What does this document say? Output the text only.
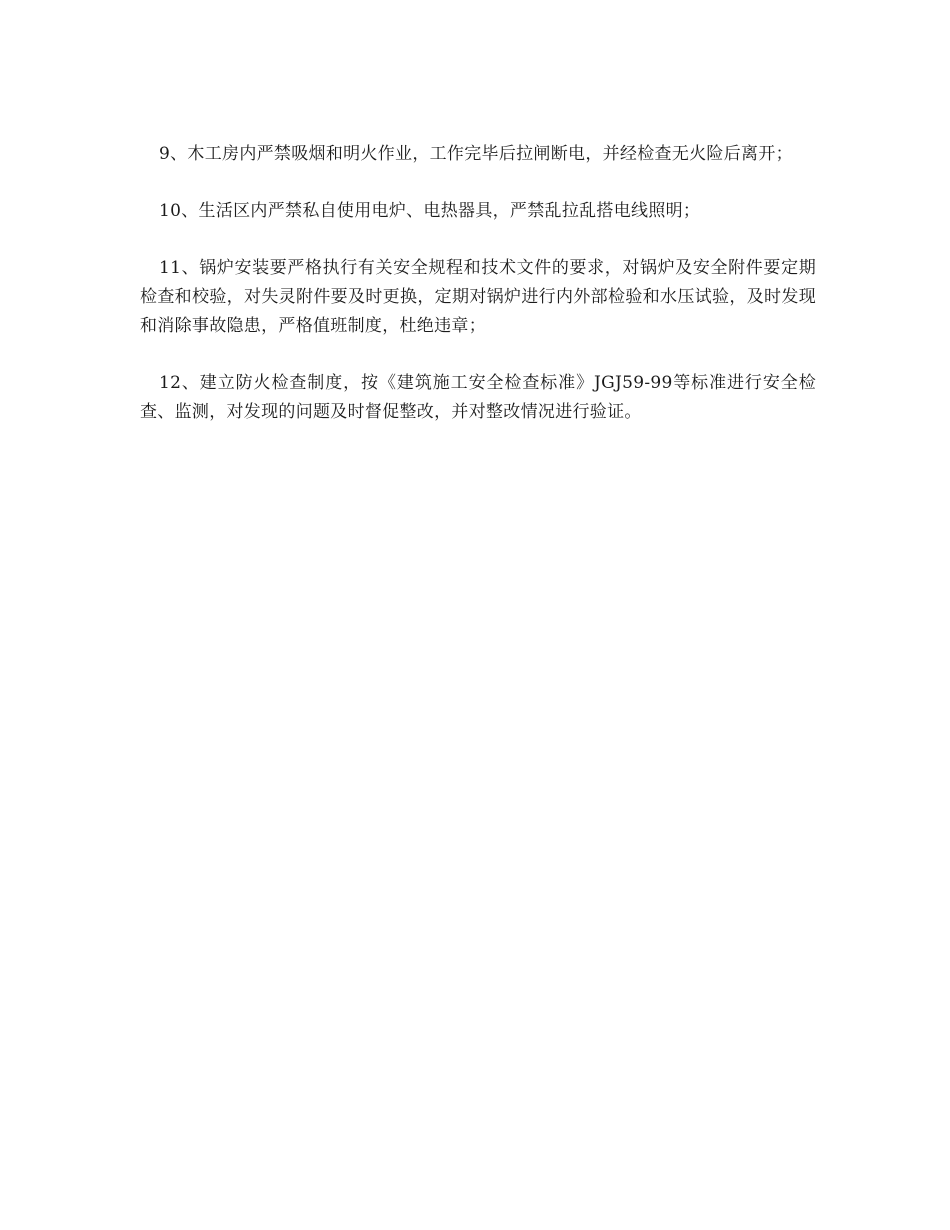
9、木工房内严禁吸烟和明火作业，工作完毕后拉闸断电，并经检查无火险后离开；

10、生活区内严禁私自使用电炉、电热器具，严禁乱拉乱搭电线照明；

11、锅炉安装要严格执行有关安全规程和技术文件的要求，对锅炉及安全附件要定期检查和校验，对失灵附件要及时更换，定期对锅炉进行内外部检验和水压试验，及时发现和消除事故隐患，严格值班制度，杜绝违章；

12、建立防火检查制度，按《建筑施工安全检查标准》JGJ59-99等标准进行安全检查、监测，对发现的问题及时督促整改，并对整改情况进行验证。
